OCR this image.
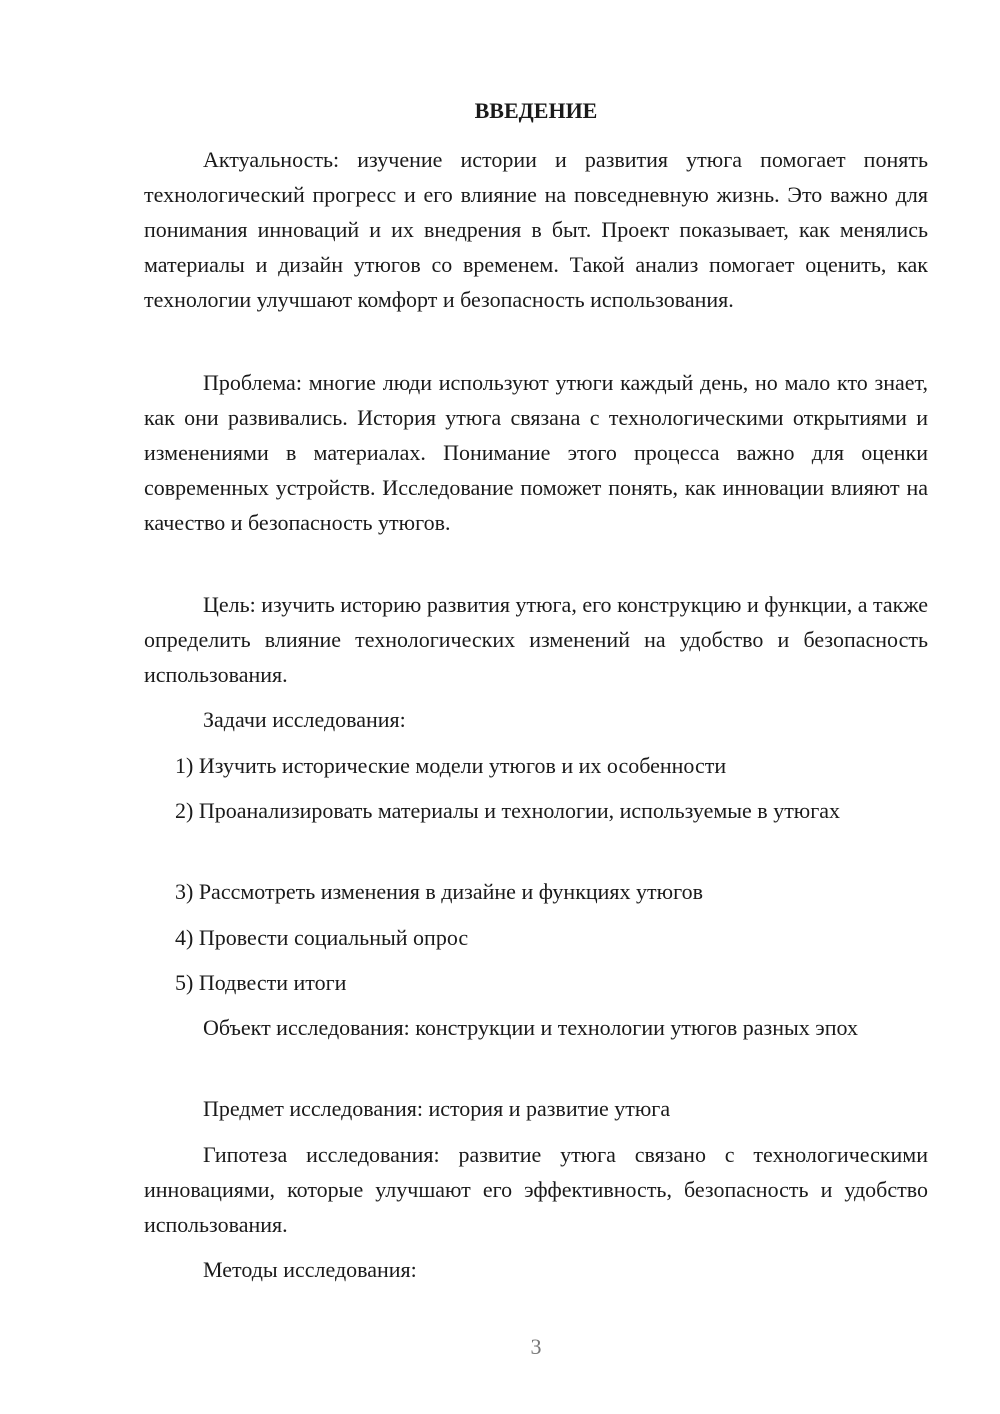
ВВЕДЕНИЕ

Актуальность: изучение истории и развития утюга помогает понять технологический прогресс и его влияние на повседневную жизнь. Это важно для понимания инноваций и их внедрения в быт. Проект показывает, как менялись материалы и дизайн утюгов со временем. Такой анализ помогает оценить, как технологии улучшают комфорт и безопасность использования.

Проблема: многие люди используют утюги каждый день, но мало кто знает, как они развивались. История утюга связана с технологическими открытиями и изменениями в материалах. Понимание этого процесса важно для оценки современных устройств. Исследование поможет понять, как инновации влияют на качество и безопасность утюгов.

Цель: изучить историю развития утюга, его конструкцию и функции, а также определить влияние технологических изменений на удобство и безопасность использования.

Задачи исследования:

1) Изучить исторические модели утюгов и их особенности

2) Проанализировать материалы и технологии, используемые в утюгах

3) Рассмотреть изменения в дизайне и функциях утюгов

4) Провести социальный опрос

5) Подвести итоги

Объект исследования: конструкции и технологии утюгов разных эпох

Предмет исследования: история и развитие утюга

Гипотеза исследования: развитие утюга связано с технологическими инновациями, которые улучшают его эффективность, безопасность и удобство использования.

Методы исследования:

3
